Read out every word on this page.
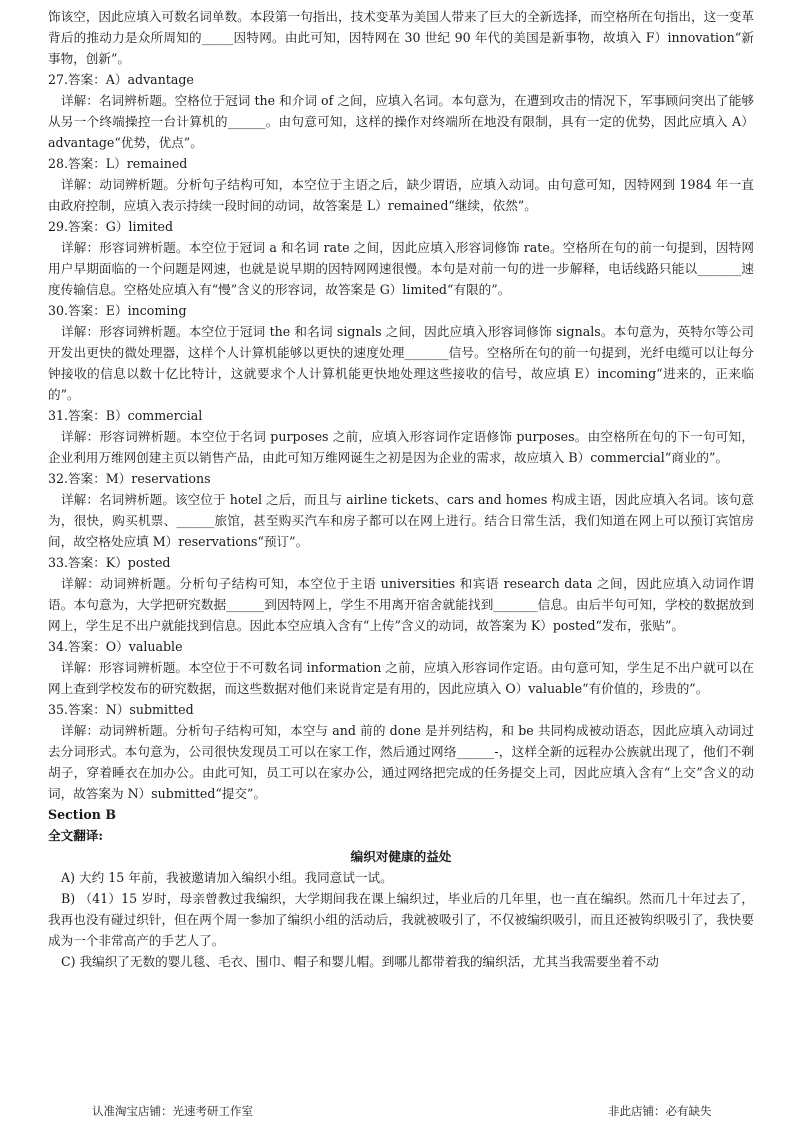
饰该空，因此应填入可数名词单数。本段第一句指出，技术变革为美国人带来了巨大的全新选择，而空格所在句指出，这一变革背后的推动力是众所周知的_____因特网。由此可知，因特网在 30 世纪 90 年代的美国是新事物，故填入 F）innovation“新事物，创新”。

27.答案：A）advantage

详解：名词辨析题。空格位于冠词 the 和介词 of 之间，应填入名词。本句意为，在遭到攻击的情况下，军事顾问突出了能够从另一个终端操控一台计算机的______。由句意可知，这样的操作对终端所在地没有限制，具有一定的优势，因此应填入 A）advantage“优势，优点”。

28.答案：L）remained

详解：动词辨析题。分析句子结构可知，本空位于主语之后，缺少谓语，应填入动词。由句意可知，因特网到 1984 年一直由政府控制，应填入表示持续一段时间的动词，故答案是 L）remained“继续，依然”。

29.答案：G）limited

详解：形容词辨析题。本空位于冠词 a 和名词 rate 之间，因此应填入形容词修饰 rate。空格所在句的前一句提到，因特网用户早期面临的一个问题是网速，也就是说早期的因特网网速很慢。本句是对前一句的进一步解释，电话线路只能以_______速度传输信息。空格处应填入有“慢”含义的形容词，故答案是 G）limited“有限的”。

30.答案：E）incoming

详解：形容词辨析题。本空位于冠词 the 和名词 signals 之间，因此应填入形容词修饰 signals。本句意为，英特尔等公司开发出更快的微处理器，这样个人计算机能够以更快的速度处理_______信号。空格所在句的前一句提到，光纤电缆可以让每分钟接收的信息以数十亿比特计，这就要求个人计算机能更快地处理这些接收的信号，故应填 E）incoming“进来的，正来临的”。

31.答案：B）commercial

详解：形容词辨析题。本空位于名词 purposes 之前，应填入形容词作定语修饰 purposes。由空格所在句的下一句可知，企业利用万维网创建主页以销售产品，由此可知万维网诞生之初是因为企业的需求，故应填入 B）commercial“商业的”。

32.答案：M）reservations

详解：名词辨析题。该空位于 hotel 之后，而且与 airline tickets、cars and homes 构成主语，因此应填入名词。该句意为，很快，购买机票、______旅馆，甚至购买汽车和房子都可以在网上进行。结合日常生活，我们知道在网上可以预订宾馆房间，故空格处应填 M）reservations“预订”。

33.答案：K）posted

详解：动词辨析题。分析句子结构可知，本空位于主语 universities 和宾语 research data 之间，因此应填入动词作谓语。本句意为，大学把研究数据______到因特网上，学生不用离开宿舍就能找到_______信息。由后半句可知，学校的数据放到网上，学生足不出户就能找到信息。因此本空应填入含有“上传”含义的动词，故答案为 K）posted“发布，张贴”。

34.答案：O）valuable

详解：形容词辨析题。本空位于不可数名词 information 之前，应填入形容词作定语。由句意可知，学生足不出户就可以在网上查到学校发布的研究数据，而这些数据对他们来说肯定是有用的，因此应填入 O）valuable“有价值的，珍贵的”。

35.答案：N）submitted

详解：动词辨析题。分析句子结构可知，本空与 and 前的 done 是并列结构，和 be 共同构成被动语态，因此应填入动词过去分词形式。本句意为，公司很快发现员工可以在家工作，然后通过网络______-，这样全新的远程办公族就出现了，他们不剃胡子，穿着睡衣在加办公。由此可知，员工可以在家办公，通过网络把完成的任务提交上司，因此应填入含有“上交”含义的动词，故答案为 N）submitted“提交”。

Section B

全文翻译:

编织对健康的益处

A) 大约 15 年前，我被邀请加入编织小组。我同意试一试。

B) （41）15 岁时，母亲曾教过我编织，大学期间我在课上编织过，毕业后的几年里，也一直在编织。然而几十年过去了，我再也没有碰过织针，但在两个周一参加了编织小组的活动后，我就被吸引了，不仅被编织吸引，而且还被钩织吸引了，我快要成为一个非常高产的手艺人了。

C) 我编织了无数的婴儿毯、毛衣、围巾、帽子和婴儿帽。到哪儿都带着我的编织活，尤其当我需要坐着不动

认准淘宝店铺：光速考研工作室	非此店铺：必有缺失
